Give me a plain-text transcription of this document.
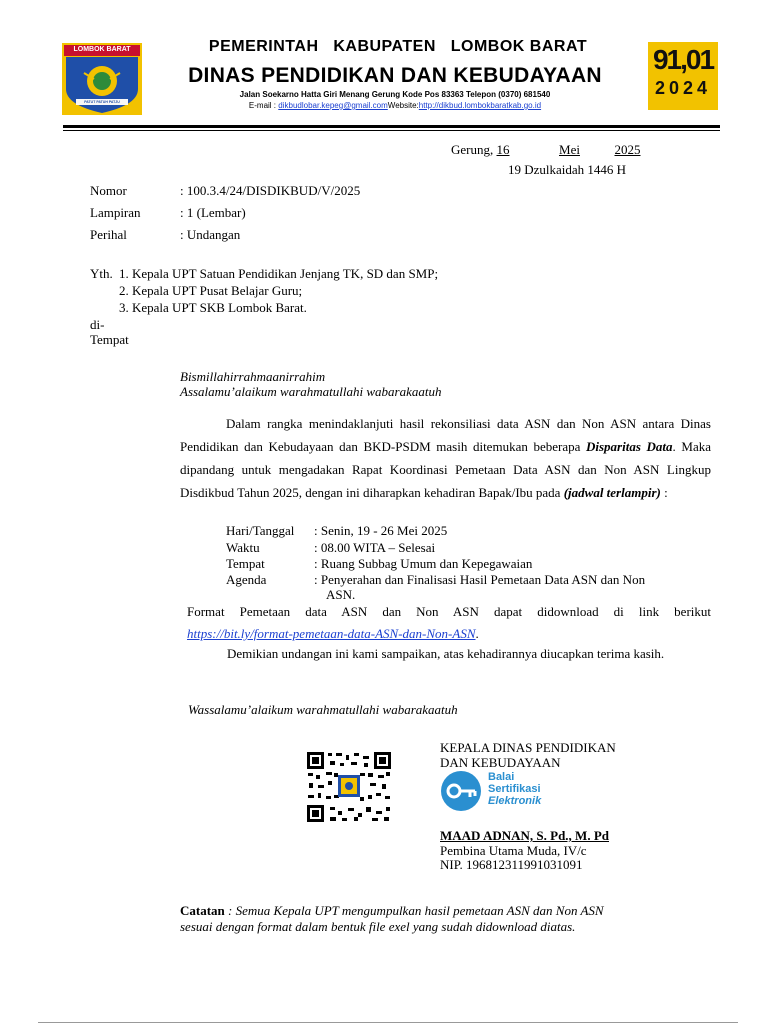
LOMBOK BARAT
PATUT PATUH PATJU
PEMERINTAH   KABUPATEN   LOMBOK BARAT
DINAS PENDIDIKAN DAN KEBUDAYAAN
Jalan Soekarno Hatta Giri Menang Gerung Kode Pos 83363 Telepon (0370) 681540
E-mail : dikbudlobar.kepeg@gmail.comWebsite:http://dikbud.lombokbaratkab.go.id
91,01
2024
Gerung, 16	Mei	2025
19 Dzulkaidah 1446 H
Nomor	: 100.3.4/24/DISDIKBUD/V/2025
Lampiran	: 1 (Lembar)
Perihal	: Undangan
Yth. 1. Kepala UPT Satuan Pendidikan Jenjang TK, SD dan SMP;
2. Kepala UPT Pusat Belajar Guru;
3. Kepala UPT SKB Lombok Barat.
di-
Tempat
Bismillahirrahmaanirrahim
Assalamu’alaikum warahmatullahi wabarakaatuh
Dalam rangka menindaklanjuti hasil rekonsiliasi data ASN dan Non ASN antara Dinas Pendidikan dan Kebudayaan dan BKD-PSDM masih ditemukan beberapa Disparitas Data. Maka dipandang untuk mengadakan Rapat Koordinasi Pemetaan Data ASN dan Non ASN Lingkup Disdikbud Tahun 2025, dengan ini diharapkan kehadiran Bapak/Ibu pada (jadwal terlampir) :
Hari/Tanggal : Senin, 19 - 26 Mei 2025
Waktu	: 08.00 WITA – Selesai
Tempat	: Ruang Subbag Umum dan Kepegawaian
Agenda	: Penyerahan dan Finalisasi Hasil Pemetaan Data ASN dan Non
ASN.
Format Pemetaan data ASN dan Non ASN dapat didownload di link berikut
https://bit.ly/format-pemetaan-data-ASN-dan-Non-ASN.
Demikian undangan ini kami sampaikan, atas kehadirannya diucapkan terima kasih.
Wassalamu’alaikum warahmatullahi wabarakaatuh
KEPALA DINAS PENDIDIKAN
DAN KEBUDAYAAN
Balai
Sertifikasi
Elektronik
MAAD ADNAN, S. Pd., M. Pd
Pembina Utama Muda, IV/c
NIP. 196812311991031091
Catatan : Semua Kepala UPT mengumpulkan hasil pemetaan ASN dan Non ASN
sesuai dengan format dalam bentuk file exel yang sudah didownload diatas.
